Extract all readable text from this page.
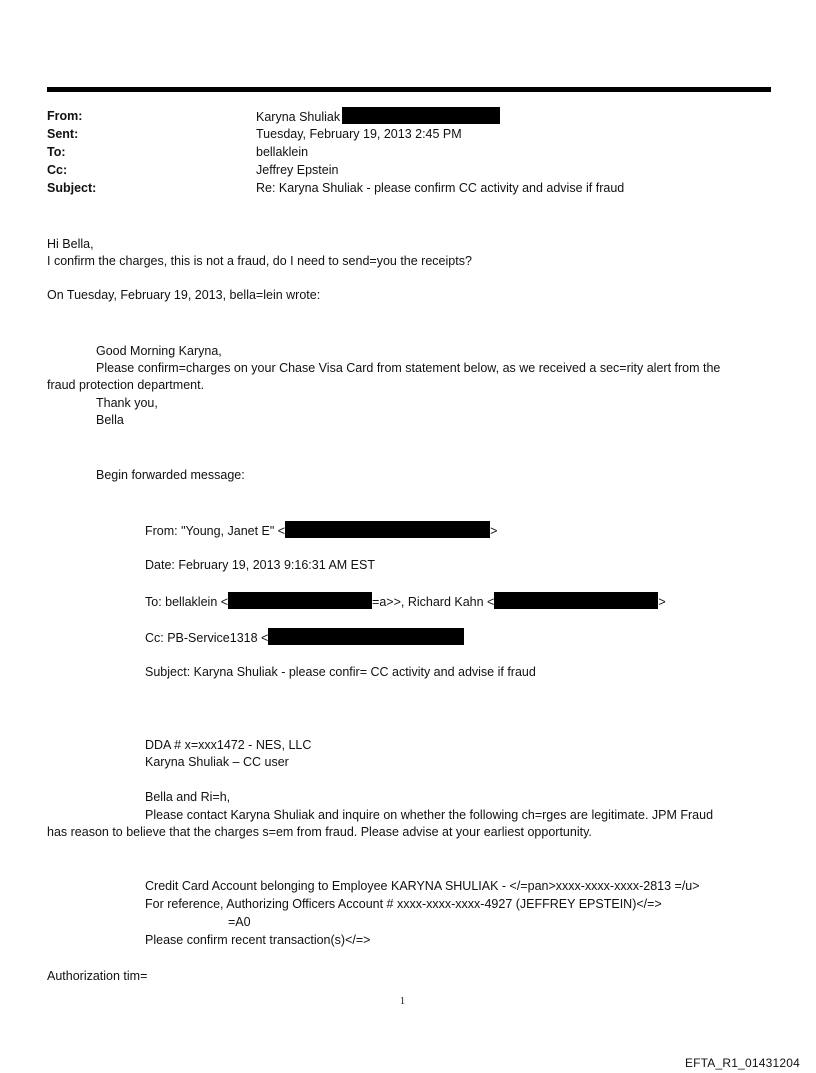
From:	Karyna Shuliak
Sent:	Tuesday, February 19, 2013 2:45 PM
To:	bellaklein
Cc:	Jeffrey Epstein
Subject:	Re: Karyna Shuliak - please confirm CC activity and advise if fraud
Hi Bella,
I confirm the charges, this is not a fraud, do I need to send=you the receipts?
On Tuesday, February 19, 2013, bella=lein wrote:
Good Morning Karyna,
Please confirm=charges on your Chase Visa Card from statement below, as we received a sec=rity alert from the
fraud protection department.
Thank you,
Bella
Begin forwarded message:
From: "Young, Janet E" <	>
Date: February 19, 2013 9:16:31 AM EST
To: bellaklein <	=a>>, Richard Kahn <	>
Cc: PB-Service1318 <
Subject: Karyna Shuliak - please confir= CC activity and advise if fraud
DDA # x=xxx1472 - NES, LLC
Karyna Shuliak – CC user
Bella and Ri=h,
Please contact Karyna Shuliak and inquire on whether the following ch=rges are legitimate. JPM Fraud
has reason to believe that the charges s=em from fraud. Please advise at your earliest opportunity.
Credit Card Account belonging to Employee KARYNA SHULIAK - </=pan>xxxx-xxxx-xxxx-2813 =/u>
For reference, Authorizing Officers Account # xxxx-xxxx-xxxx-4927 (JEFFREY EPSTEIN)</=>
=A0
Please confirm recent transaction(s)</=>
Authorization tim=
1
EFTA_R1_01431204
